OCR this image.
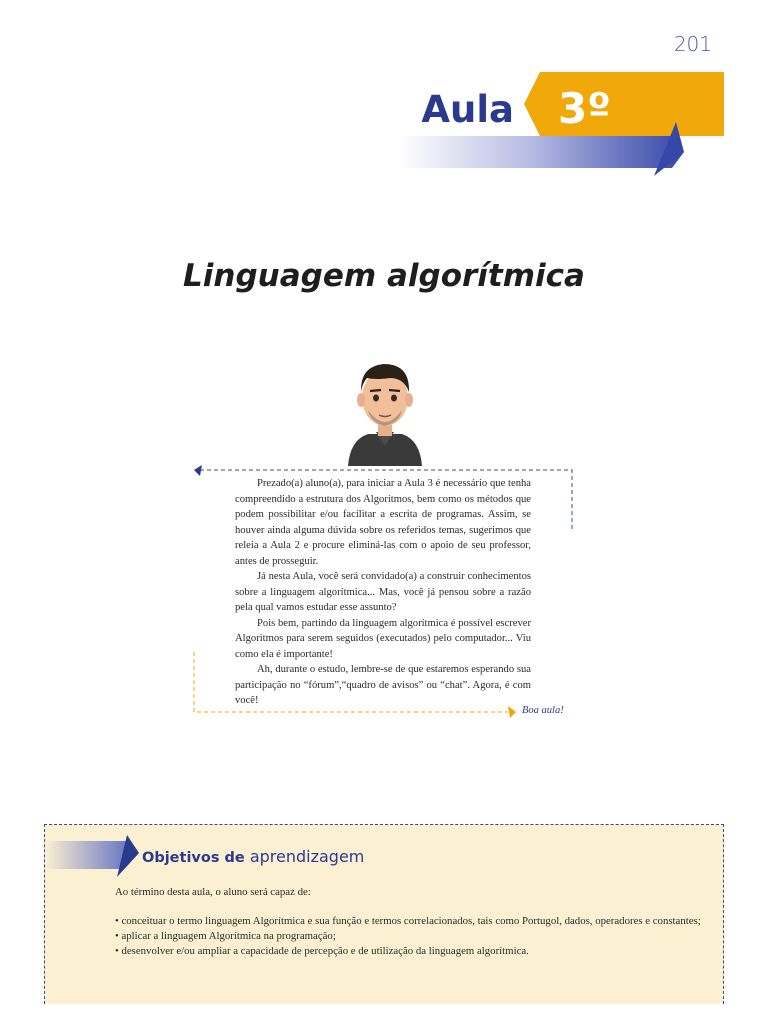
201
Aula 3º
Linguagem algorítmica

Prezado(a) aluno(a), para iniciar a Aula 3 é necessário que tenha compreendido a estrutura dos Algoritmos, bem como os métodos que podem possibilitar e/ou facilitar a escrita de programas. Assim, se houver ainda alguma dúvida sobre os referidos temas, sugerimos que releia a Aula 2 e procure eliminá-las com o apoio de seu professor, antes de prosseguir.

Já nesta Aula, você será convidado(a) a construir conhecimentos sobre a linguagem algorítmica... Mas, você já pensou sobre a razão pela qual vamos estudar esse assunto?

Pois bem, partindo da linguagem algorítmica é possível escrever Algoritmos para serem seguidos (executados) pelo computador... Viu como ela é importante!

Ah, durante o estudo, lembre-se de que estaremos esperando sua participação no “fórum”,“quadro de avisos” ou “chat”. Agora, é com você!

Boa aula!
Objetivos de aprendizagem
Ao término desta aula, o aluno será capaz de:
• conceituar o termo linguagem Algorítmica e sua função e termos correlacionados, tais como Portugol, dados, operadores e constantes;
• aplicar a linguagem Algorítmica na programação;
• desenvolver e/ou ampliar a capacidade de percepção e de utilização da linguagem algorítmica.
